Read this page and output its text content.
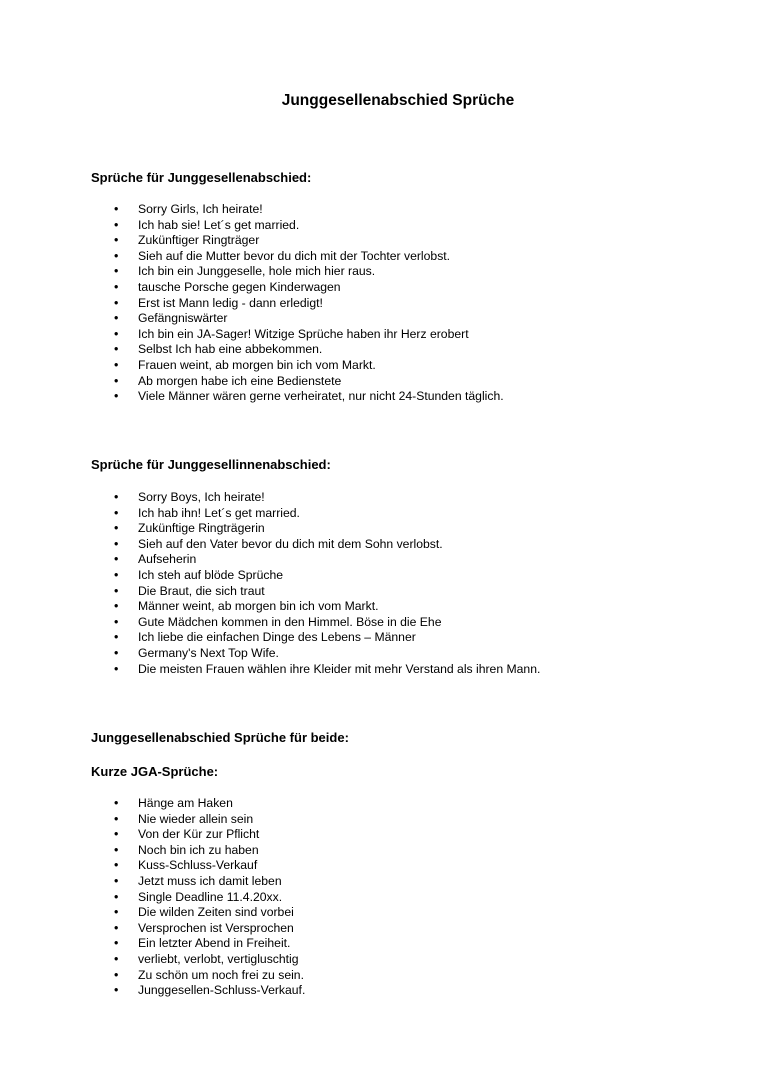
Junggesellenabschied Sprüche
Sprüche für Junggesellenabschied:
• Sorry Girls, Ich heirate!
• Ich hab sie! Let´s get married.
• Zukünftiger Ringträger
• Sieh auf die Mutter bevor du dich mit der Tochter verlobst.
• Ich bin ein Junggeselle, hole mich hier raus.
• tausche Porsche gegen Kinderwagen
• Erst ist Mann ledig - dann erledigt!
• Gefängniswärter
• Ich bin ein JA-Sager! Witzige Sprüche haben ihr Herz erobert
• Selbst Ich hab eine abbekommen.
• Frauen weint, ab morgen bin ich vom Markt.
• Ab morgen habe ich eine Bedienstete
• Viele Männer wären gerne verheiratet, nur nicht 24-Stunden täglich.
Sprüche für Junggesellinnenabschied:
• Sorry Boys, Ich heirate!
• Ich hab ihn! Let´s get married.
• Zukünftige Ringträgerin
• Sieh auf den Vater bevor du dich mit dem Sohn verlobst.
• Aufseherin
• Ich steh auf blöde Sprüche
• Die Braut, die sich traut
• Männer weint, ab morgen bin ich vom Markt.
• Gute Mädchen kommen in den Himmel. Böse in die Ehe
• Ich liebe die einfachen Dinge des Lebens – Männer
• Germany's Next Top Wife.
• Die meisten Frauen wählen ihre Kleider mit mehr Verstand als ihren Mann.
Junggesellenabschied Sprüche für beide:
Kurze JGA-Sprüche:
• Hänge am Haken
• Nie wieder allein sein
• Von der Kür zur Pflicht
• Noch bin ich zu haben
• Kuss-Schluss-Verkauf
• Jetzt muss ich damit leben
• Single Deadline 11.4.20xx.
• Die wilden Zeiten sind vorbei
• Versprochen ist Versprochen
• Ein letzter Abend in Freiheit.
• verliebt, verlobt, vertigluschtig
• Zu schön um noch frei zu sein.
• Junggesellen-Schluss-Verkauf.
